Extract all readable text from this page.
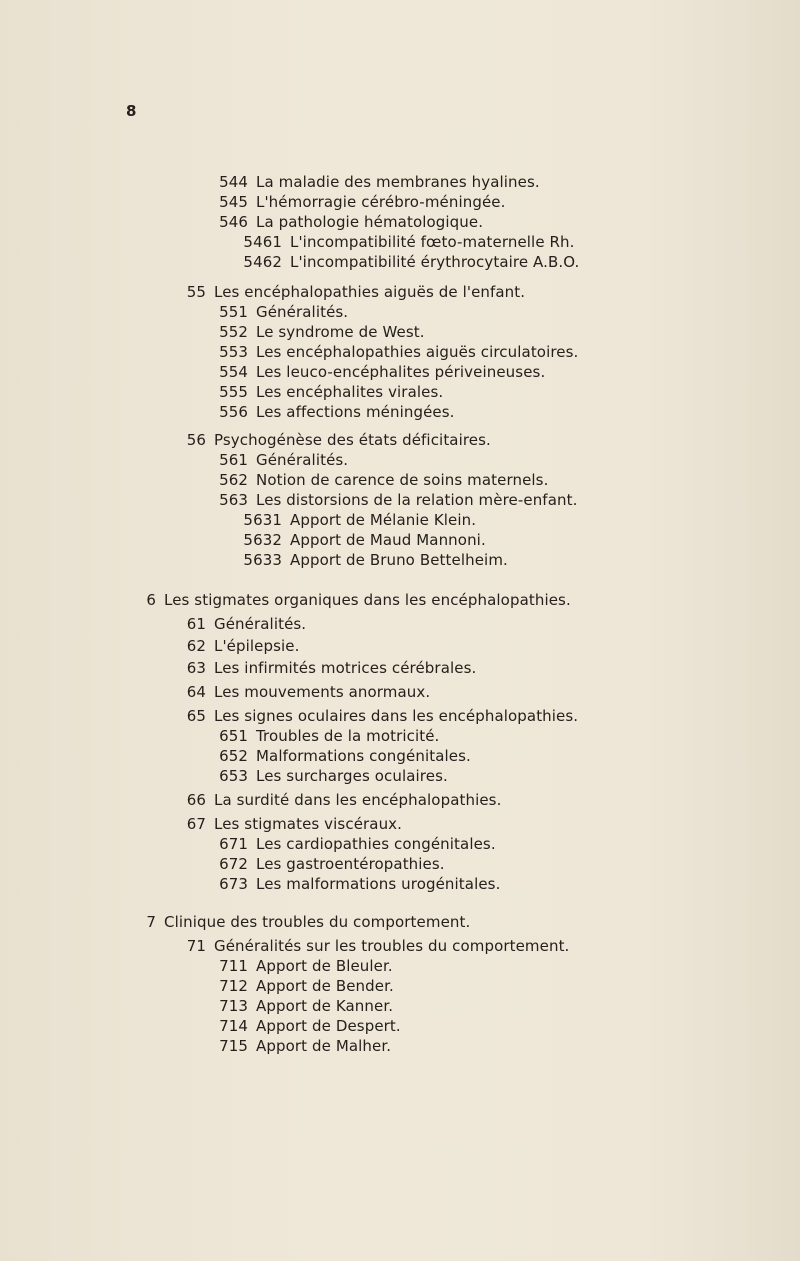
8
544 La maladie des membranes hyalines.
545 L'hémorragie cérébro-méningée.
546 La pathologie hématologique.
5461 L'incompatibilité fœto-maternelle Rh.
5462 L'incompatibilité érythrocytaire A.B.O.
55 Les encéphalopathies aiguës de l'enfant.
551 Généralités.
552 Le syndrome de West.
553 Les encéphalopathies aiguës circulatoires.
554 Les leuco-encéphalites périveineuses.
555 Les encéphalites virales.
556 Les affections méningées.
56 Psychogénèse des états déficitaires.
561 Généralités.
562 Notion de carence de soins maternels.
563 Les distorsions de la relation mère-enfant.
5631 Apport de Mélanie Klein.
5632 Apport de Maud Mannoni.
5633 Apport de Bruno Bettelheim.
6 Les stigmates organiques dans les encéphalopathies.
61 Généralités.
62 L'épilepsie.
63 Les infirmités motrices cérébrales.
64 Les mouvements anormaux.
65 Les signes oculaires dans les encéphalopathies.
651 Troubles de la motricité.
652 Malformations congénitales.
653 Les surcharges oculaires.
66 La surdité dans les encéphalopathies.
67 Les stigmates viscéraux.
671 Les cardiopathies congénitales.
672 Les gastroentéropathies.
673 Les malformations urogénitales.
7 Clinique des troubles du comportement.
71 Généralités sur les troubles du comportement.
711 Apport de Bleuler.
712 Apport de Bender.
713 Apport de Kanner.
714 Apport de Despert.
715 Apport de Malher.
